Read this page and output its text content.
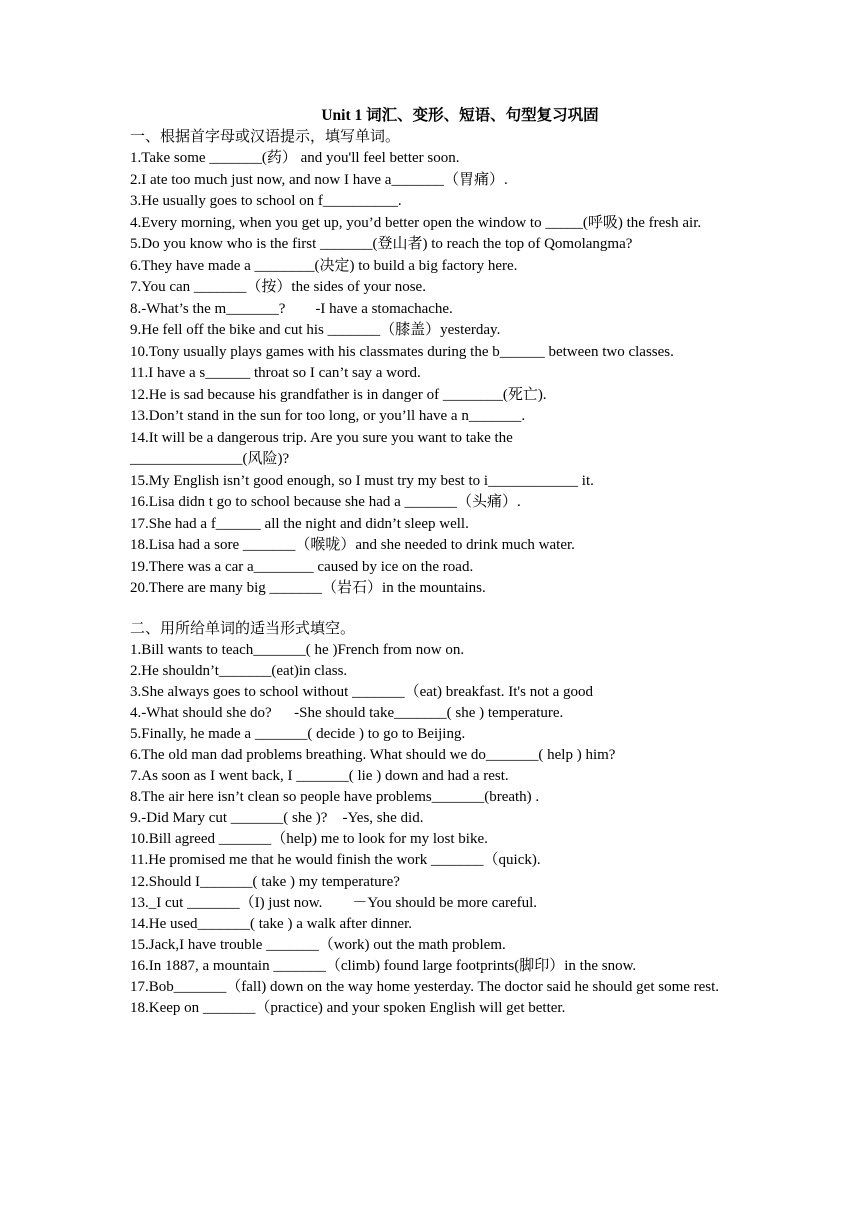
Unit 1 词汇、变形、短语、句型复习巩固
一、根据首字母或汉语提示，填写单词。
1.Take some _______(药） and you'll feel better soon.
2.I ate too much just now, and now I have a_______（胃痛）.
3.He usually goes to school on f__________.
4.Every morning, when you get up, you’d better open the window to _____(呼吸) the fresh air.
5.Do you know who is the first _______(登山者) to reach the top of Qomolangma?
6.They have made a ________(决定) to build a big factory here.
7.You can _______（按）the sides of your nose.
8.-What’s the m_______?        -I have a stomachache.
9.He fell off the bike and cut his _______（膝盖）yesterday.
10.Tony usually plays games with his classmates during the b______ between two classes.
11.I have a s______ throat so I can’t say a word.
12.He is sad because his grandfather is in danger of ________(死亡).
13.Don’t stand in the sun for too long, or you’ll have a n_______.
14.It will be a dangerous trip. Are you sure you want to take the _______________(风险)?
15.My English isn’t good enough, so I must try my best to i____________ it.
16.Lisa didn t go to school because she had a _______（头痛）.
17.She had a f______ all the night and didn’t sleep well.
18.Lisa had a sore _______（喉咙）and she needed to drink much water.
19.There was a car a________ caused by ice on the road.
20.There are many big _______（岩石）in the mountains.
二、用所给单词的适当形式填空。
1.Bill wants to teach_______( he )French from now on.
2.He shouldn’t_______(eat)in class.
3.She always goes to school without _______（eat) breakfast. It's not a good
4.-What should she do?      -She should take_______( she ) temperature.
5.Finally, he made a _______( decide ) to go to Beijing.
6.The old man dad problems breathing. What should we do_______( help ) him?
7.As soon as I went back, I _______( lie ) down and had a rest.
8.The air here isn’t clean so people have problems_______(breath) .
9.-Did Mary cut _______( she )?    -Yes, she did.
10.Bill agreed _______（help) me to look for my lost bike.
11.He promised me that he would finish the work _______（quick).
12.Should I_______( take ) my temperature?
13._I cut _______（I) just now.        －You should be more careful.
14.He used_______( take ) a walk after dinner.
15.Jack,I have trouble _______（work) out the math problem.
16.In 1887, a mountain _______（climb) found large footprints(脚印）in the snow.
17.Bob_______（fall) down on the way home yesterday. The doctor said he should get some rest.
18.Keep on _______（practice) and your spoken English will get better.
